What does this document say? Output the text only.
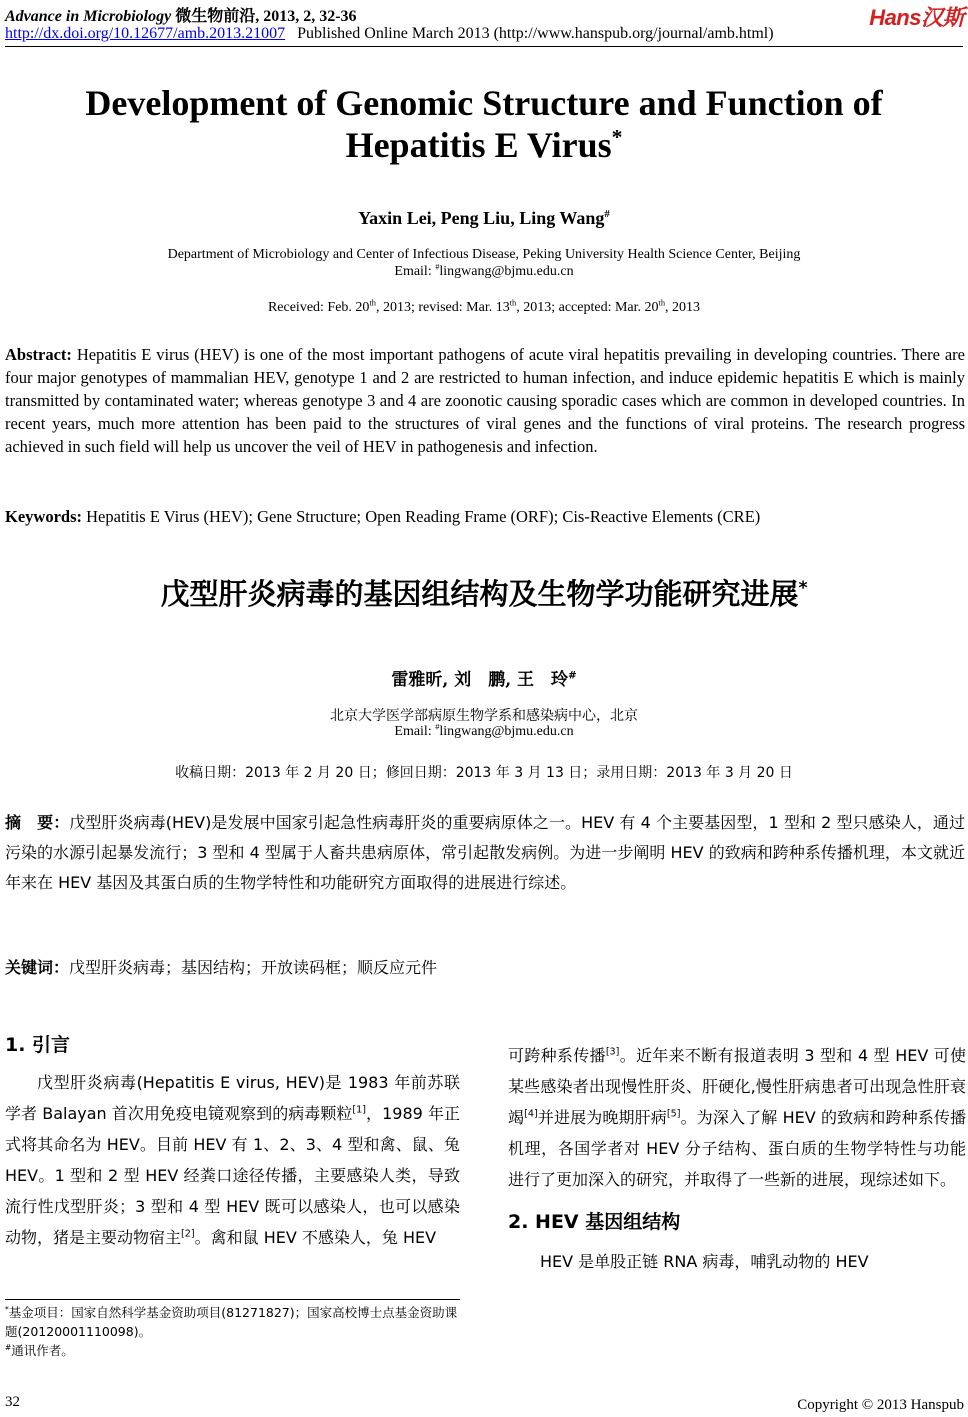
Advance in Microbiology 微生物前沿, 2013, 2, 32-36
http://dx.doi.org/10.12677/amb.2013.21007 Published Online March 2013 (http://www.hanspub.org/journal/amb.html)
Hans汉斯
Development of Genomic Structure and Function of
Hepatitis E Virus*
Yaxin Lei, Peng Liu, Ling Wang#
Department of Microbiology and Center of Infectious Disease, Peking University Health Science Center, Beijing
Email: #lingwang@bjmu.edu.cn
Received: Feb. 20th, 2013; revised: Mar. 13th, 2013; accepted: Mar. 20th, 2013
Abstract: Hepatitis E virus (HEV) is one of the most important pathogens of acute viral hepatitis prevailing in developing countries. There are four major genotypes of mammalian HEV, genotype 1 and 2 are restricted to human infection, and induce epidemic hepatitis E which is mainly transmitted by contaminated water; whereas genotype 3 and 4 are zoonotic causing sporadic cases which are common in developed countries. In recent years, much more attention has been paid to the structures of viral genes and the functions of viral proteins. The research progress achieved in such field will help us uncover the veil of HEV in pathogenesis and infection.
Keywords: Hepatitis E Virus (HEV); Gene Structure; Open Reading Frame (ORF); Cis-Reactive Elements (CRE)
戊型肝炎病毒的基因组结构及生物学功能研究进展*
雷雅昕, 刘　鹏, 王　玲#
北京大学医学部病原生物学系和感染病中心，北京
Email: #lingwang@bjmu.edu.cn
收稿日期：2013 年 2 月 20 日；修回日期：2013 年 3 月 13 日；录用日期：2013 年 3 月 20 日
摘　要：戊型肝炎病毒(HEV)是发展中国家引起急性病毒肝炎的重要病原体之一。HEV 有 4 个主要基因型，1 型和 2 型只感染人，通过污染的水源引起暴发流行；3 型和 4 型属于人畜共患病原体，常引起散发病例。为进一步阐明 HEV 的致病和跨种系传播机理，本文就近年来在 HEV 基因及其蛋白质的生物学特性和功能研究方面取得的进展进行综述。
关键词：戊型肝炎病毒；基因结构；开放读码框；顺反应元件
1. 引言

戊型肝炎病毒(Hepatitis E virus, HEV)是 1983 年前苏联学者 Balayan 首次用免疫电镜观察到的病毒颗粒[1]，1989 年正式将其命名为 HEV。目前 HEV 有 1、2、3、4 型和禽、鼠、兔 HEV。1 型和 2 型 HEV 经粪口途径传播，主要感染人类，导致流行性戊型肝炎；3 型和 4 型 HEV 既可以感染人，也可以感染动物，猪是主要动物宿主[2]。禽和鼠 HEV 不感染人，兔 HEV

可跨种系传播[3]。近年来不断有报道表明 3 型和 4 型 HEV 可使某些感染者出现慢性肝炎、肝硬化,慢性肝病患者可出现急性肝衰竭[4]并进展为晚期肝病[5]。为深入了解 HEV 的致病和跨种系传播机理，各国学者对 HEV 分子结构、蛋白质的生物学特性与功能进行了更加深入的研究，并取得了一些新的进展，现综述如下。

2. HEV 基因组结构

HEV 是单股正链 RNA 病毒，哺乳动物的 HEV

*基金项目：国家自然科学基金资助项目(81271827)；国家高校博士点基金资助课题(20120001110098)。
#通讯作者。
32	Copyright © 2013 Hanspub
